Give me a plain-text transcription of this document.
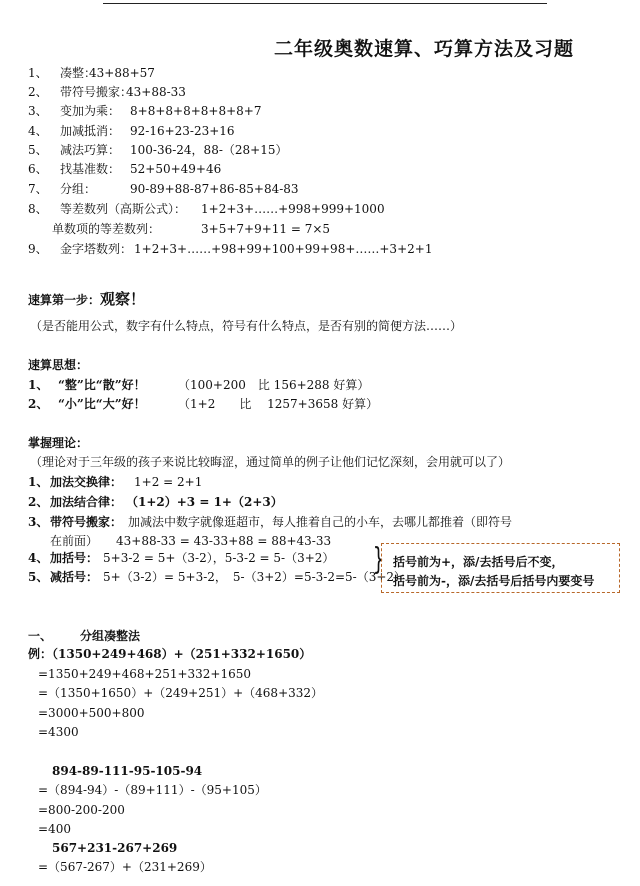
二年级奥数速算、巧算方法及习题
1、 凑整：
43+88+57
2、 带符号搬家：
43+88-33
3、 变加为乘： 8+8+8+8+8+8+8+7
4、 加减抵消： 92-16+23-23+16
5、 减法巧算： 100-36-24，88-（28+15）
6、 找基准数： 52+50+49+46
7、 分组：	90-89+88-87+86-85+84-83
8、 等差数列（高斯公式）： 1+2+3+……+998+999+1000
单数项的等差数列：	3+5+7+9+11 = 7×5
9、 金字塔数列： 1+2+3+……+98+99+100+99+98+……+3+2+1
速算第一步：观察！
（是否能用公式，数字有什么特点，符号有什么特点，是否有别的简便方法……）
速算思想：
1、 “整”比“散”好！	（100+200　比 156+288 好算）
2、 “小”比“大”好！	（1+2　　比　 1257+3658 好算）
掌握理论：
（理论对于三年级的孩子来说比较晦涩，通过简单的例子让他们记忆深刻，会用就可以了）
1、 加法交换律： 1+2 = 2+1
2、 加法结合律： （1+2）+3 = 1+（2+3）
3、 带符号搬家： 加减法中数字就像逛超市，每人推着自己的小车，去哪儿都推着（即符号
在前面）　　43+88-33 = 43-33+88 = 88+43-33
4、 加括号： 5+3-2 = 5+（3-2），5-3-2 = 5-（3+2）
5、 减括号： 5+（3-2）= 5+3-2，　5-（3+2）=5-3-2=5-（3+2）
} 括号前为+，添/去括号后不变，
括号前为-，添/去括号后括号内要变号
一、 分组凑整法
例：（1350+249+468）+（251+332+1650）
=1350+249+468+251+332+1650
=（1350+1650）+（249+251）+（468+332）
=3000+500+800
=4300
894-89-111-95-105-94
=（894-94）-（89+111）-（95+105）
=800-200-200
=400
567+231-267+269
=（567-267）+（231+269）
